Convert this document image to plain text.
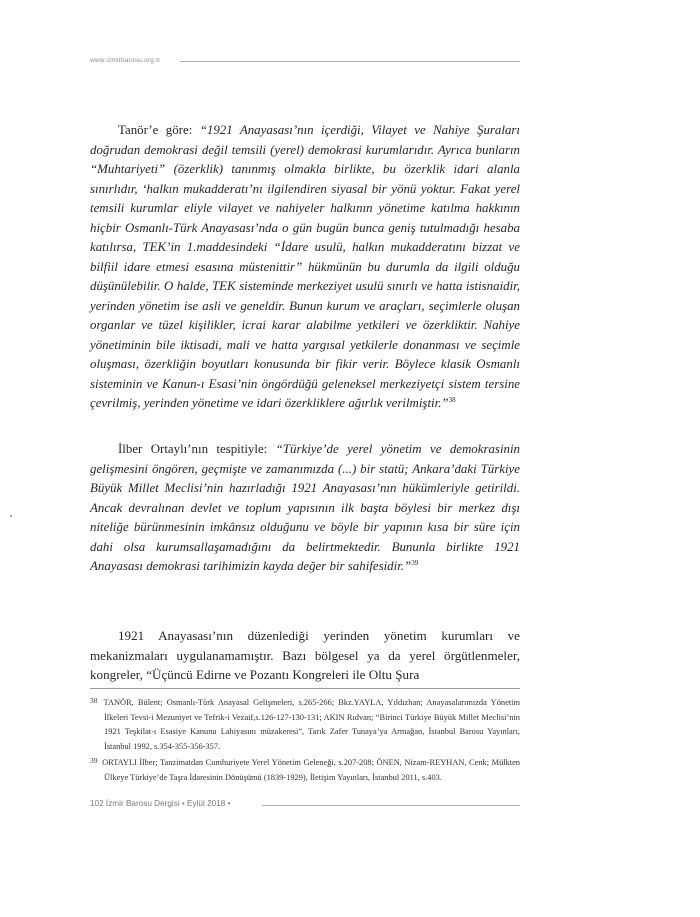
www.izmirbarosu.org.tr

Tanör’e göre: “1921 Anayasası’nın içerdiği, Vilayet ve Nahiye Şuraları doğrudan demokrasi değil temsili (yerel) demokrasi kurumlarıdır. Ayrıca bunların “Muhtariyeti” (özerklik) tanınmış olmakla birlikte, bu özerklik idari alanla sınırlıdır, ‘halkın mukadderatı’nı ilgilendiren siyasal bir yönü yoktur. Fakat yerel temsili kurumlar eliyle vilayet ve nahiyeler halkının yönetime katılma hakkının hiçbir Osmanlı-Türk Anayasası’nda o gün bugün bunca geniş tutulmadığı hesaba katılırsa, TEK’in 1.maddesindeki “İdare usulü, halkın mukadderatını bizzat ve bilfiil idare etmesi esasına müstenittir” hükmünün bu durumla da ilgili olduğu düşünülebilir. O halde, TEK sisteminde merkeziyet usulü sınırlı ve hatta istisnaidir, yerinden yönetim ise asli ve geneldir. Bunun kurum ve araçları, seçimlerle oluşan organlar ve tüzel kişilikler, icrai karar alabilme yetkileri ve özerkliktir. Nahiye yönetiminin bile iktisadi, mali ve hatta yargısal yetkilerle donanması ve seçimle oluşması, özerkliğin boyutları konusunda bir fikir verir. Böylece klasik Osmanlı sisteminin ve Kanun-ı Esasi’nin öngördüğü geleneksel merkeziyetçi sistem tersine çevrilmiş, yerinden yönetime ve idari özerkliklere ağırlık verilmiştir.”$^{38}$

İlber Ortaylı’nın tespitiyle: “Türkiye’de yerel yönetim ve demokrasinin gelişmesini öngören, geçmişte ve zamanımızda (...) bir statü; Ankara’daki Türkiye Büyük Millet Meclisi’nin hazırladığı 1921 Anayasası’nın hükümleriyle getirildi. Ancak devralınan devlet ve toplum yapısının ilk başta böylesi bir merkez dışı niteliğe bürünmesinin imkânsız olduğunu ve böyle bir yapının kısa bir süre için dahi olsa kurumsallaşamadığını da belirtmektedir. Bununla birlikte 1921 Anayasası demokrasi tarihimizin kayda değer bir sahifesidir.”$^{39}$

1921 Anayasası’nın düzenlediği yerinden yönetim kurumları ve mekanizmaları uygulanamamıştır. Bazı bölgesel ya da yerel örgütlenmeler, kongreler, “Üçüncü Edirne ve Pozantı Kongreleri ile Oltu Şura

38 TANÖR, Bülent; Osmanlı-Türk Anayasal Gelişmeleri, s.265-266; Bkz.YAYLA, Yıldızhan; Anayasalarımızda Yönetim İlkeleri Tevsi-i Mezuniyet ve Tefrik-i Vezaif,s.126-127-130-131; AKIN Rıdvan; “Birinci Türkiye Büyük Millet Meclisi’nin 1921 Teşkilat-ı Esasiye Kanunu Lahiyasını müzakeresi”, Tarık Zafer Tunaya’ya Armağan, İstanbul Barosu Yayınları, İstanbul 1992, s.354-355-356-357.
39 ORTAYLI İlber; Tanzimatdan Cumhuriyete Yerel Yönetim Geleneği, s.207-208; ÖNEN, Nizam-REYHAN, Cenk; Mülkten Ülkeye Türkiye’de Taşra İdaresinin Dönüşümü (1839-1929), İletişim Yayınları, İstanbul 2011, s.403.
102 İzmir Barosu Dergisi • Eylül 2018 •
